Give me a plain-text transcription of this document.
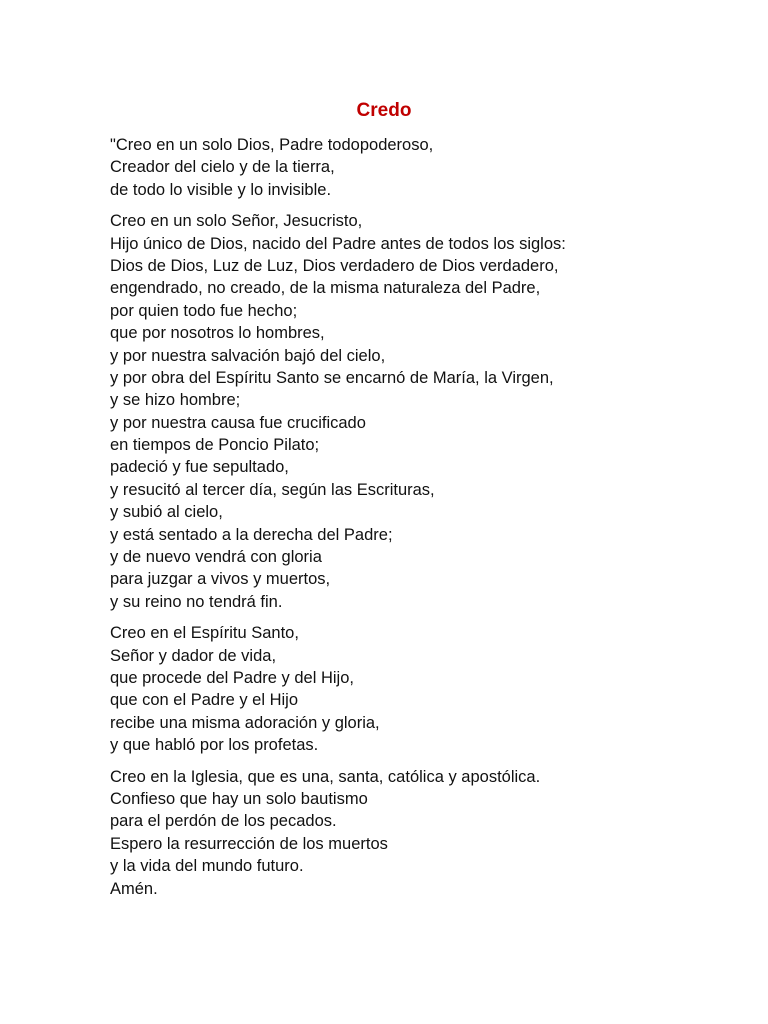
Credo
"Creo en un solo Dios, Padre todopoderoso,
Creador del cielo y de la tierra,
de todo lo visible y lo invisible.
Creo en un solo Señor, Jesucristo,
Hijo único de Dios, nacido del Padre antes de todos los siglos:
Dios de Dios, Luz de Luz, Dios verdadero de Dios verdadero,
engendrado, no creado, de la misma naturaleza del Padre,
por quien todo fue hecho;
que por nosotros lo hombres,
y por nuestra salvación bajó del cielo,
y por obra del Espíritu Santo se encarnó de María, la Virgen,
y se hizo hombre;
y por nuestra causa fue crucificado
en tiempos de Poncio Pilato;
padeció y fue sepultado,
y resucitó al tercer día, según las Escrituras,
y subió al cielo,
y está sentado a la derecha del Padre;
y de nuevo vendrá con gloria
para juzgar a vivos y muertos,
y su reino no tendrá fin.
Creo en el Espíritu Santo,
Señor y dador de vida,
que procede del Padre y del Hijo,
que con el Padre y el Hijo
recibe una misma adoración y gloria,
y que habló por los profetas.
Creo en la Iglesia, que es una, santa, católica y apostólica.
Confieso que hay un solo bautismo
para el perdón de los pecados.
Espero la resurrección de los muertos
y la vida del mundo futuro.
Amén.
